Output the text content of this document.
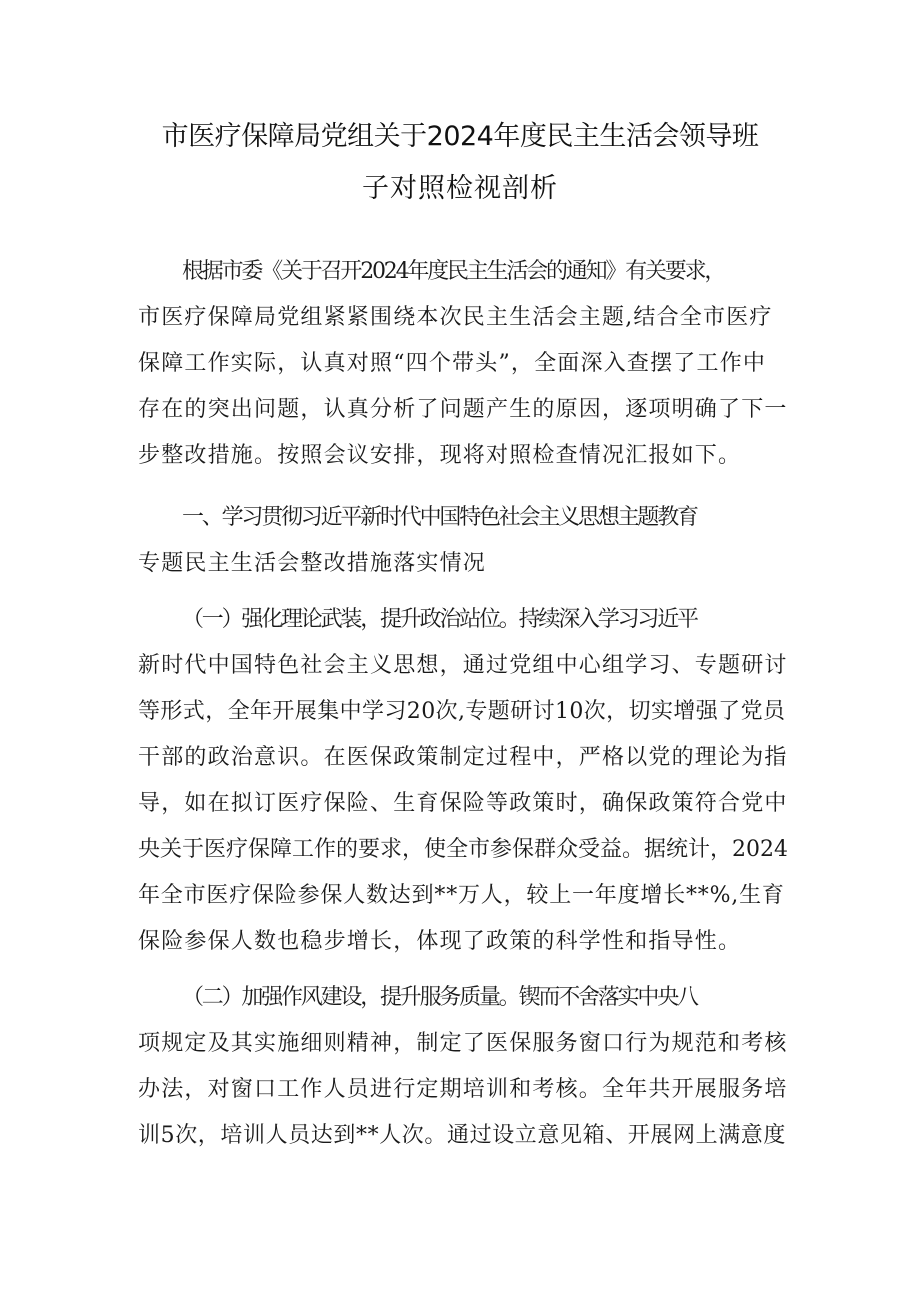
市医疗保障局党组关于2024年度民主生活会领导班
子对照检视剖析

根据市委《关于召开2024年度民主生活会的通知》有关要求，

市医疗保障局党组紧紧围绕本次民主生活会主题,结合全市医疗

保障工作实际，认真对照“四个带头”，全面深入查摆了工作中

存在的突出问题，认真分析了问题产生的原因，逐项明确了下一

步整改措施。按照会议安排，现将对照检查情况汇报如下。

一、学习贯彻习近平新时代中国特色社会主义思想主题教育

专题民主生活会整改措施落实情况

（一）强化理论武装，提升政治站位。持续深入学习习近平

新时代中国特色社会主义思想，通过党组中心组学习、专题研讨

等形式，全年开展集中学习20次,专题研讨10次，切实增强了党员

干部的政治意识。在医保政策制定过程中，严格以党的理论为指

导，如在拟订医疗保险、生育保险等政策时，确保政策符合党中

央关于医疗保障工作的要求，使全市参保群众受益。据统计，2024

年全市医疗保险参保人数达到**万人，较上一年度增长**%,生育

保险参保人数也稳步增长，体现了政策的科学性和指导性。

（二）加强作风建设，提升服务质量。锲而不舍落实中央八

项规定及其实施细则精神，制定了医保服务窗口行为规范和考核

办法，对窗口工作人员进行定期培训和考核。全年共开展服务培

训5次，培训人员达到**人次。通过设立意见箱、开展网上满意度
